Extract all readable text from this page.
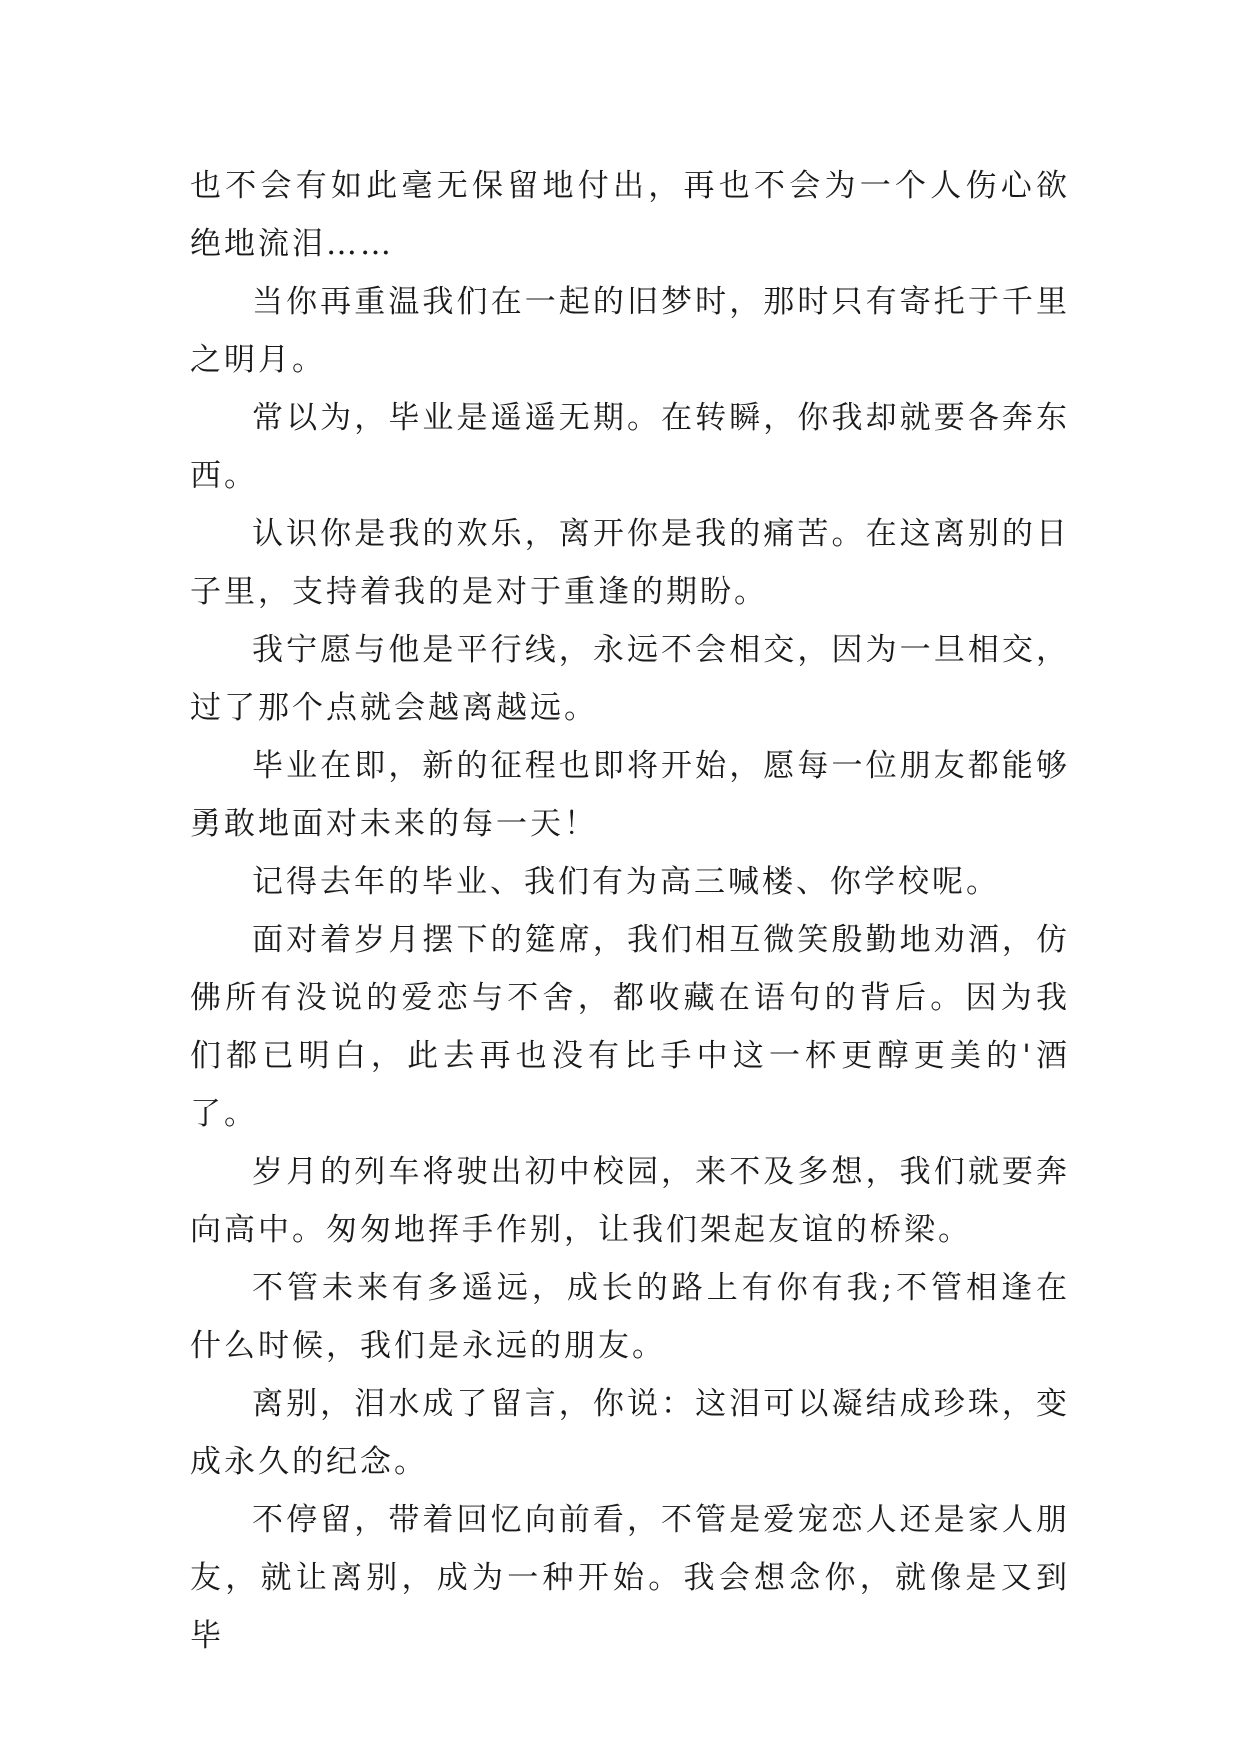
也不会有如此毫无保留地付出，再也不会为一个人伤心欲绝地流泪……

当你再重温我们在一起的旧梦时，那时只有寄托于千里之明月。

常以为，毕业是遥遥无期。在转瞬，你我却就要各奔东西。

认识你是我的欢乐，离开你是我的痛苦。在这离别的日子里，支持着我的是对于重逢的期盼。

我宁愿与他是平行线，永远不会相交，因为一旦相交，过了那个点就会越离越远。

毕业在即，新的征程也即将开始，愿每一位朋友都能够勇敢地面对未来的每一天！

记得去年的毕业、我们有为高三喊楼、你学校呢。

面对着岁月摆下的筵席，我们相互微笑殷勤地劝酒，仿佛所有没说的爱恋与不舍，都收藏在语句的背后。因为我们都已明白，此去再也没有比手中这一杯更醇更美的'酒了。

岁月的列车将驶出初中校园，来不及多想，我们就要奔向高中。匆匆地挥手作别，让我们架起友谊的桥梁。

不管未来有多遥远，成长的路上有你有我;不管相逢在什么时候，我们是永远的朋友。

离别，泪水成了留言，你说：这泪可以凝结成珍珠，变成永久的纪念。

不停留，带着回忆向前看，不管是爱宠恋人还是家人朋友，就让离别，成为一种开始。我会想念你，就像是又到毕
